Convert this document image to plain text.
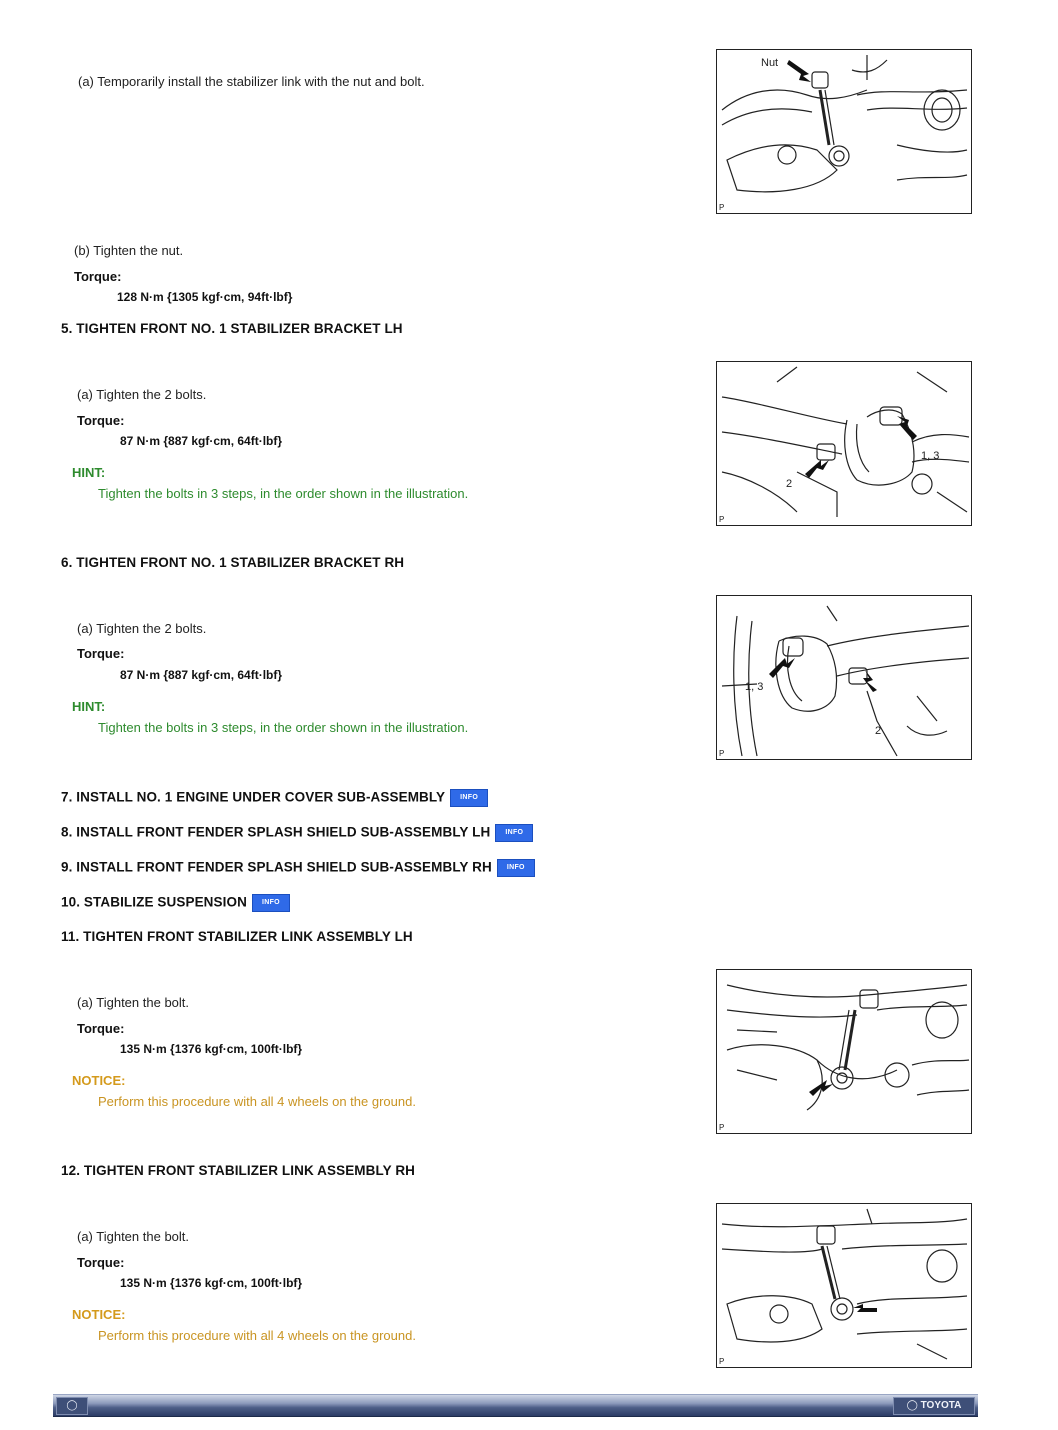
(a) Temporarily install the stabilizer link with the nut and bolt.
Nut
P
(b) Tighten the nut.
Torque:
128 N·m {1305 kgf·cm, 94ft·lbf}
5. TIGHTEN FRONT NO. 1 STABILIZER BRACKET LH
(a) Tighten the 2 bolts.
Torque:
87 N·m {887 kgf·cm, 64ft·lbf}
HINT:
Tighten the bolts in 3 steps, in the order shown in the illustration.
1, 3
2
P
6. TIGHTEN FRONT NO. 1 STABILIZER BRACKET RH
(a) Tighten the 2 bolts.
Torque:
87 N·m {887 kgf·cm, 64ft·lbf}
HINT:
Tighten the bolts in 3 steps, in the order shown in the illustration.
1, 3
2
P
7. INSTALL NO. 1 ENGINE UNDER COVER SUB-ASSEMBLY INFO
8. INSTALL FRONT FENDER SPLASH SHIELD SUB-ASSEMBLY LH INFO
9. INSTALL FRONT FENDER SPLASH SHIELD SUB-ASSEMBLY RH INFO
10. STABILIZE SUSPENSION INFO
11. TIGHTEN FRONT STABILIZER LINK ASSEMBLY LH
(a) Tighten the bolt.
Torque:
135 N·m {1376 kgf·cm, 100ft·lbf}
NOTICE:
Perform this procedure with all 4 wheels on the ground.
P
12. TIGHTEN FRONT STABILIZER LINK ASSEMBLY RH
(a) Tighten the bolt.
Torque:
135 N·m {1376 kgf·cm, 100ft·lbf}
NOTICE:
Perform this procedure with all 4 wheels on the ground.
P
◯	◯ TOYOTA
